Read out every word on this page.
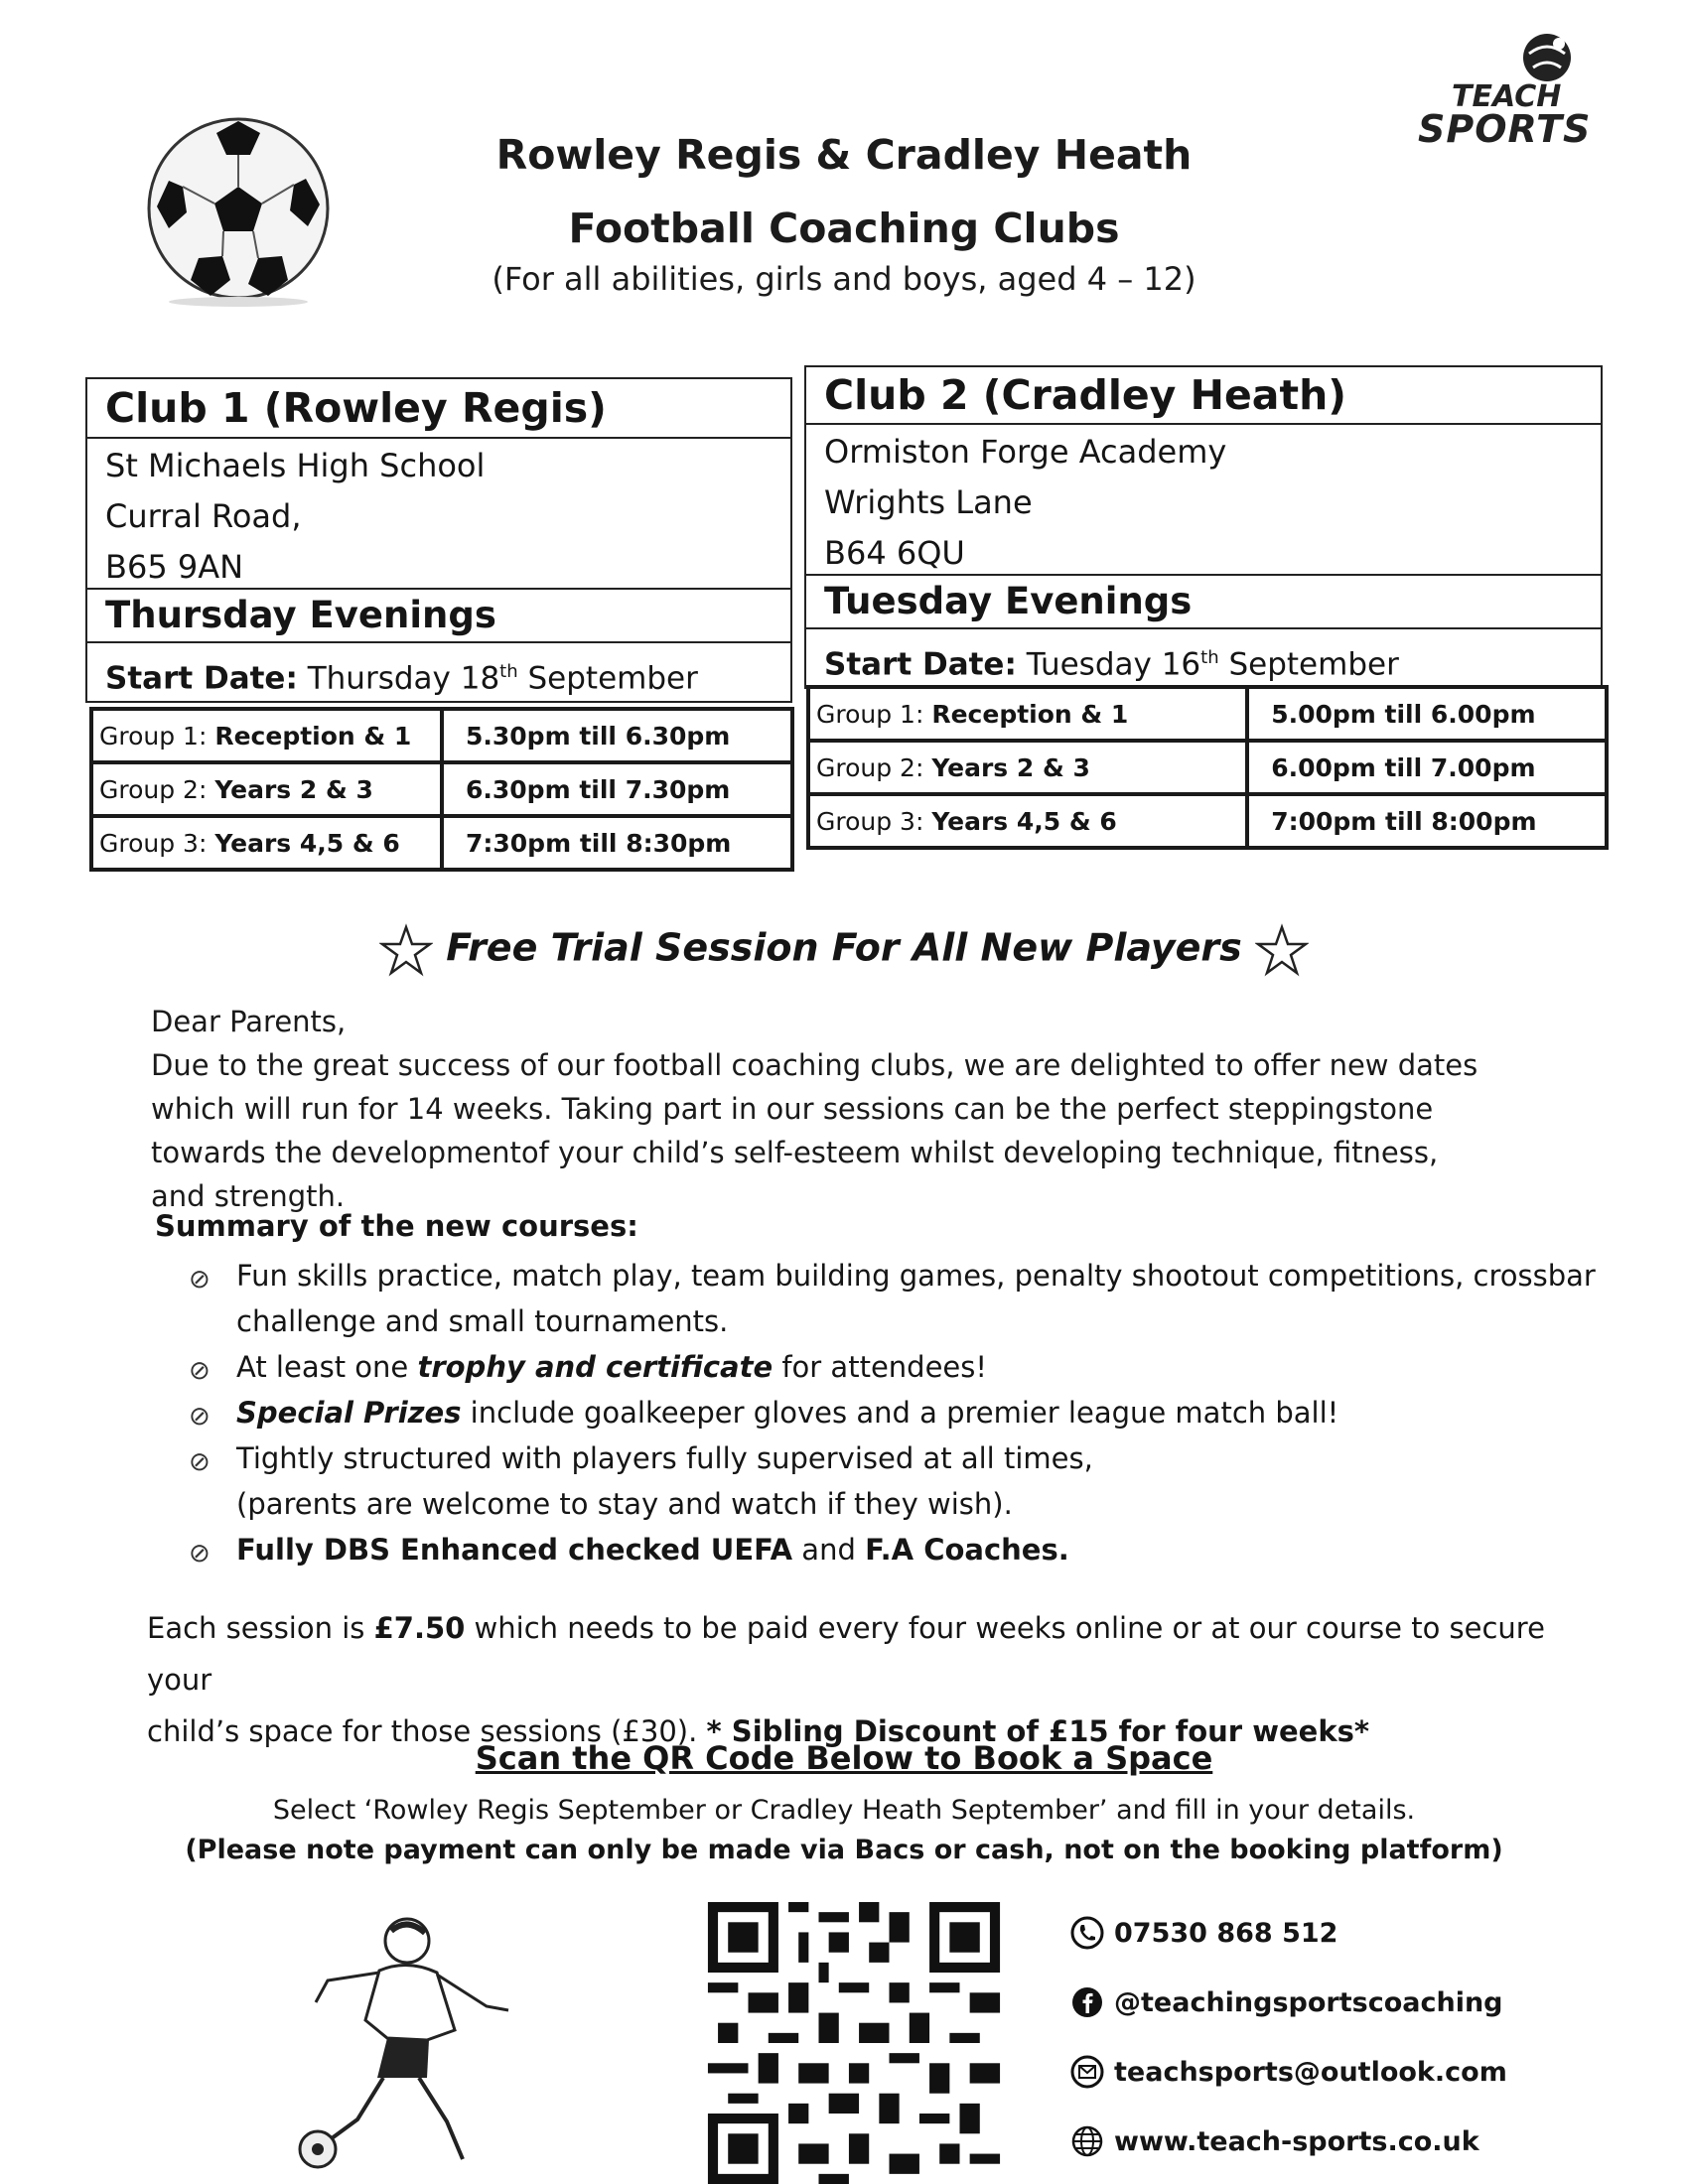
TEACH
SPORTS
Rowley Regis & Cradley Heath
Football Coaching Clubs
(For all abilities, girls and boys, aged 4 – 12)
Club 1 (Rowley Regis)
St Michaels High School
Curral Road,
B65 9AN
Thursday Evenings
Start Date: Thursday 18th September
Group 1: Reception & 1	5.30pm till 6.30pm
Group 2: Years 2 & 3	6.30pm till 7.30pm
Group 3: Years 4,5 & 6	7:30pm till 8:30pm
Club 2 (Cradley Heath)
Ormiston Forge Academy
Wrights Lane
B64 6QU
Tuesday Evenings
Start Date: Tuesday 16th September
Group 1: Reception & 1	5.00pm till 6.00pm
Group 2: Years 2 & 3	6.00pm till 7.00pm
Group 3: Years 4,5 & 6	7:00pm till 8:00pm
Free Trial Session For All New Players
Dear Parents,
Due to the great success of our football coaching clubs, we are delighted to offer new dates
which will run for 14 weeks. Taking part in our sessions can be the perfect steppingstone
towards the developmentof your child’s self-esteem whilst developing technique, fitness,
and strength.
Summary of the new courses:
⊘ Fun skills practice, match play, team building games, penalty shootout competitions, crossbar
challenge and small tournaments.
⊘ At least one trophy and certificate for attendees!
⊘ Special Prizes include goalkeeper gloves and a premier league match ball!
⊘ Tightly structured with players fully supervised at all times,
(parents are welcome to stay and watch if they wish).
⊘ Fully DBS Enhanced checked UEFA and F.A Coaches.
Each session is £7.50 which needs to be paid every four weeks online or at our course to secure your
child’s space for those sessions (£30). * Sibling Discount of £15 for four weeks*
Scan the QR Code Below to Book a Space
Select ‘Rowley Regis September or Cradley Heath September’ and fill in your details.
(Please note payment can only be made via Bacs or cash, not on the booking platform)
07530 868 512
@teachingsportscoaching
teachsports@outlook.com
www.teach-sports.co.uk
